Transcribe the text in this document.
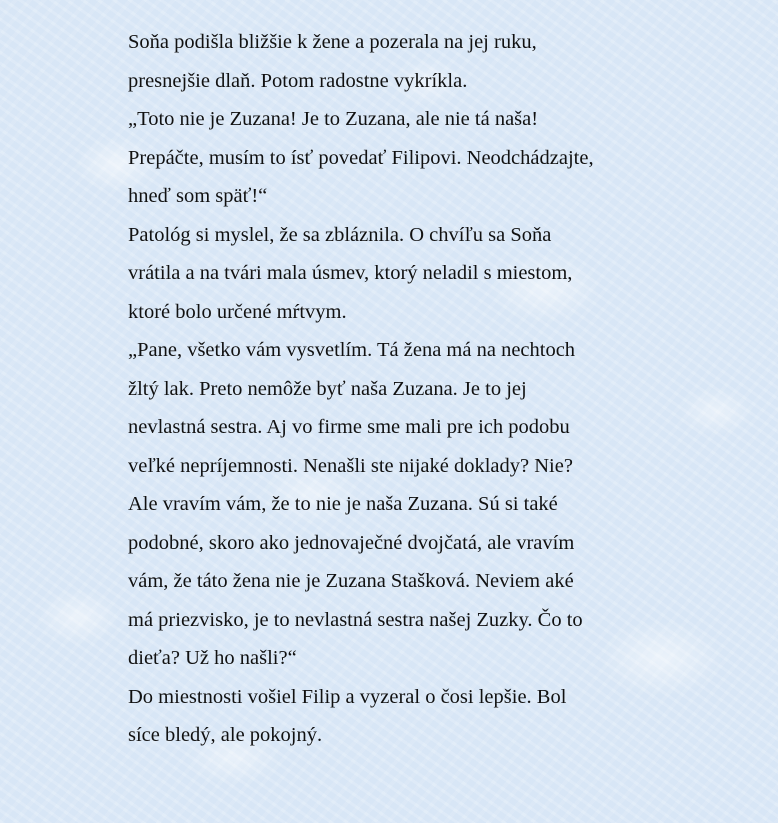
Soňa podišla bližšie k žene a pozerala na jej ruku,
presnejšie dlaň. Potom radostne vykríkla.
„Toto nie je Zuzana! Je to Zuzana, ale nie tá naša!
Prepáčte, musím to ísť povedať Filipovi. Neodchádzajte,
hneď som späť!“
Patológ si myslel, že sa zbláznila. O chvíľu sa Soňa
vrátila a na tvári mala úsmev, ktorý neladil s miestom,
ktoré bolo určené mŕtvym.
„Pane, všetko vám vysvetlím. Tá žena má na nechtoch
žltý lak. Preto nemôže byť naša Zuzana. Je to jej
nevlastná sestra. Aj vo firme sme mali pre ich podobu
veľké nepríjemnosti. Nenašli ste nijaké doklady? Nie?
Ale vravím vám, že to nie je naša Zuzana. Sú si také
podobné, skoro ako jednovaječné dvojčatá, ale vravím
vám, že táto žena nie je Zuzana Stašková. Neviem aké
má priezvisko, je to nevlastná sestra našej Zuzky. Čo to
dieťa? Už ho našli?“
Do miestnosti vošiel Filip a vyzeral o čosi lepšie. Bol
síce bledý, ale pokojný.
